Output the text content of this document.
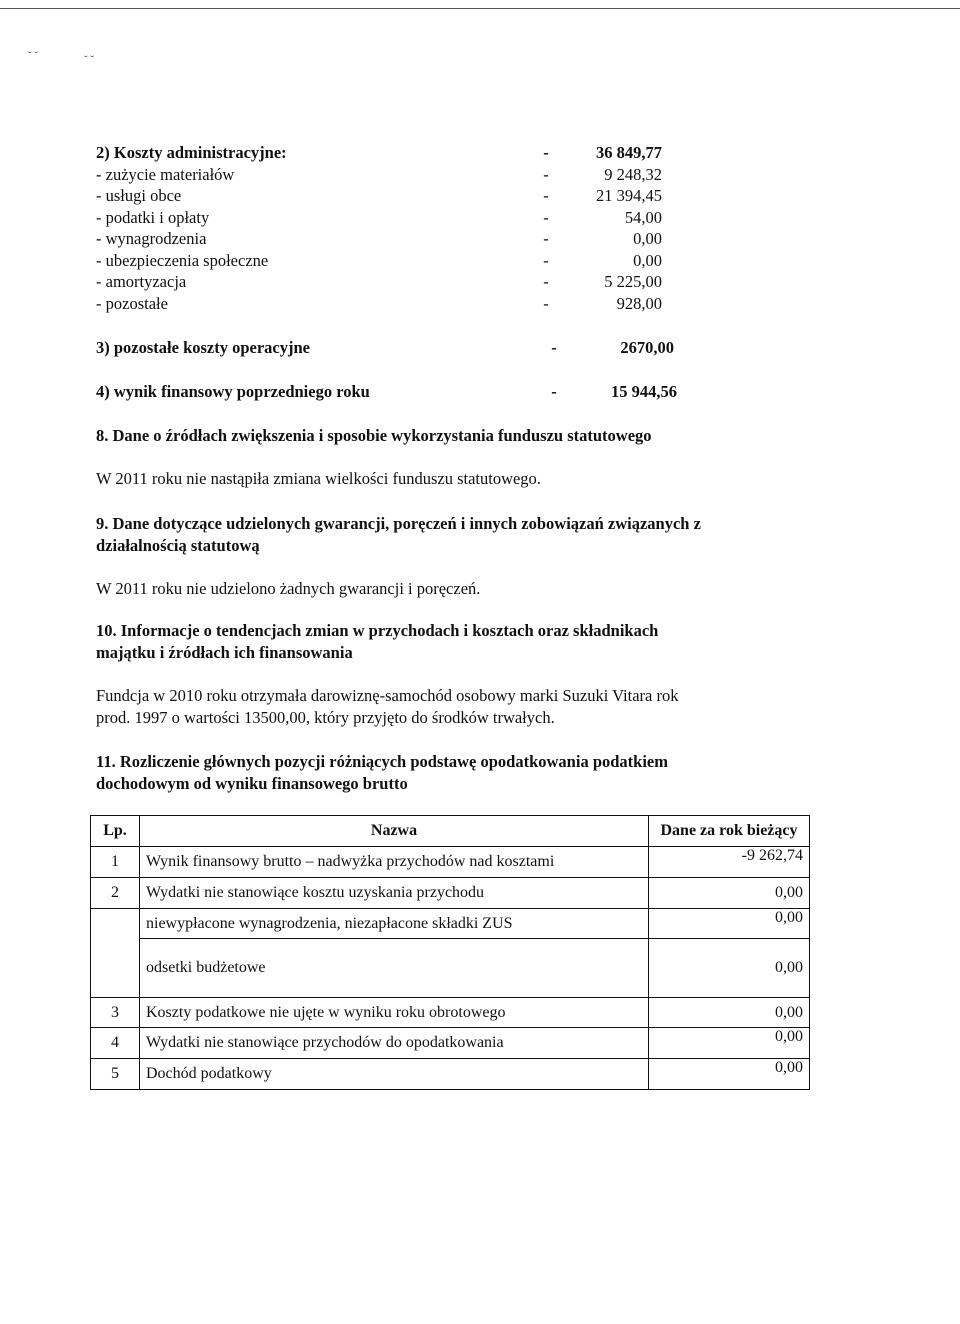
˘ ˘	˘ ˇ
2) Koszty administracyjne:	-	36 849,77
- zużycie materiałów	-	9 248,32
- usługi obce	-	21 394,45
- podatki i opłaty	-	54,00
- wynagrodzenia	-	0,00
- ubezpieczenia społeczne	-	0,00
- amortyzacja	-	5 225,00
- pozostałe	-	928,00
3) pozostałe koszty operacyjne	-	2670,00
4) wynik finansowy poprzedniego roku	-	15 944,56
8. Dane o źródłach zwiększenia i sposobie wykorzystania funduszu statutowego
W 2011 roku nie nastąpiła zmiana wielkości funduszu statutowego.
9. Dane dotyczące udzielonych gwarancji, poręczeń i innych zobowiązań związanych z
działalnością statutową
W 2011 roku nie udzielono żadnych gwarancji i poręczeń.
10. Informacje o tendencjach zmian w przychodach i kosztach oraz składnikach
majątku i źródłach ich finansowania
Fundcja w 2010 roku otrzymała darowiznę-samochód osobowy marki Suzuki Vitara rok
prod. 1997 o wartości 13500,00, który przyjęto do środków trwałych.
11. Rozliczenie głównych pozycji różniących podstawę opodatkowania podatkiem
dochodowym od wyniku finansowego brutto
Lp.	Nazwa	Dane za rok bieżący
1	Wynik finansowy brutto – nadwyżka przychodów nad kosztami	-9 262,74
2	Wydatki nie stanowiące kosztu uzyskania przychodu	0,00
	niewypłacone wynagrodzenia, niezapłacone składki ZUS	0,00
	odsetki budżetowe	0,00
3	Koszty podatkowe nie ujęte w wyniku roku obrotowego	0,00
4	Wydatki nie stanowiące przychodów do opodatkowania	0,00
5	Dochód podatkowy	0,00
